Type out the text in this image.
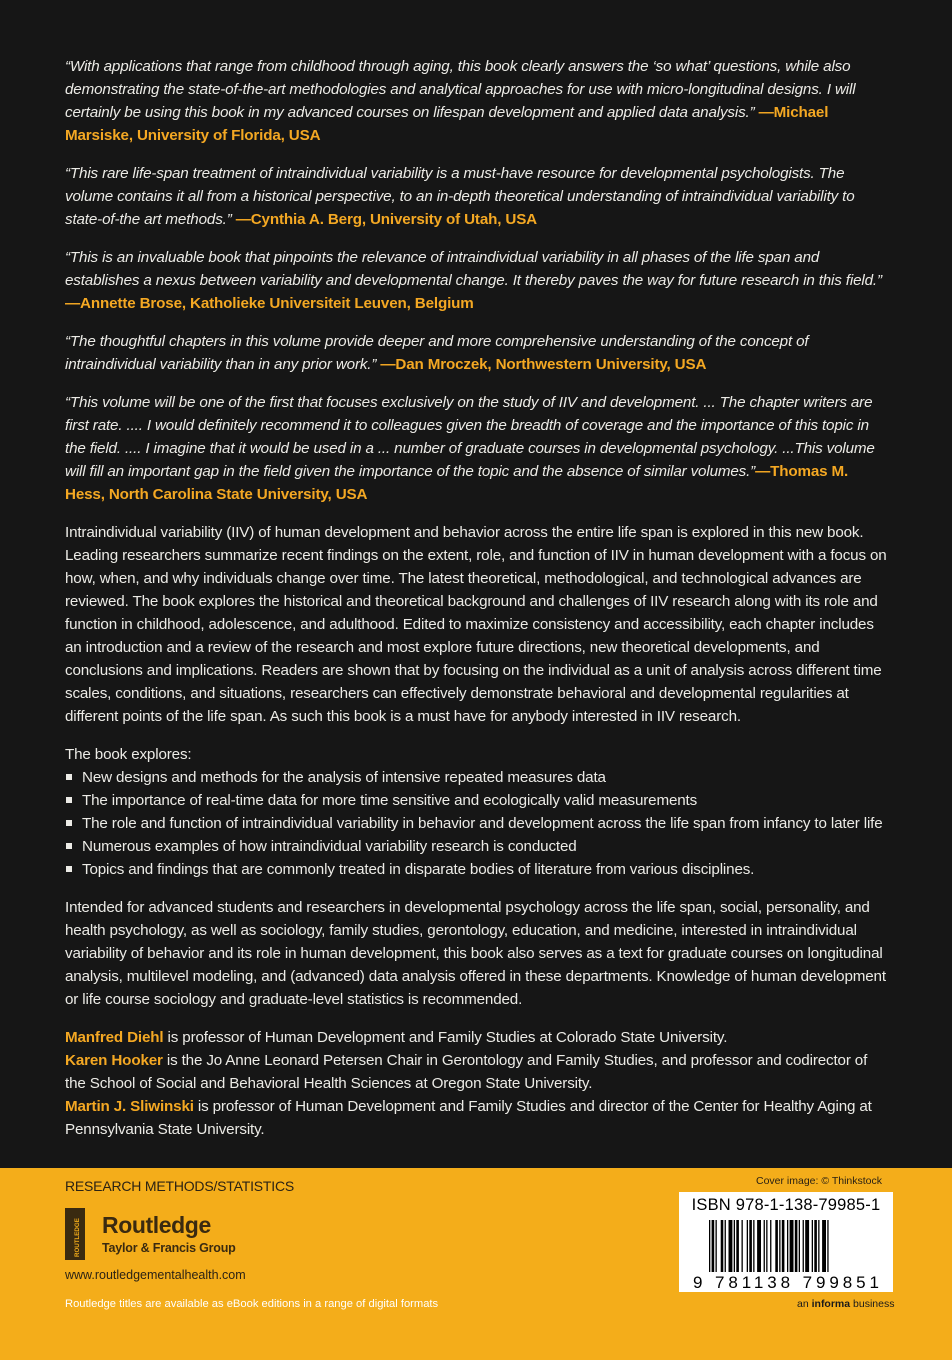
“With applications that range from childhood through aging, this book clearly answers the ‘so what’ questions, while also demonstrating the state-of-the-art methodologies and analytical approaches for use with micro-longitudinal designs. I will certainly be using this book in my advanced courses on lifespan development and applied data analysis.” —Michael Marsiske, University of Florida, USA

“This rare life-span treatment of intraindividual variability is a must-have resource for developmental psychologists. The volume contains it all from a historical perspective, to an in-depth theoretical understanding of intraindividual variability to state-of-the art methods.” —Cynthia A. Berg, University of Utah, USA

“This is an invaluable book that pinpoints the relevance of intraindividual variability in all phases of the life span and establishes a nexus between variability and developmental change. It thereby paves the way for future research in this field.” —Annette Brose, Katholieke Universiteit Leuven, Belgium

“The thoughtful chapters in this volume provide deeper and more comprehensive understanding of the concept of intraindividual variability than in any prior work.” —Dan Mroczek, Northwestern University, USA

“This volume will be one of the first that focuses exclusively on the study of IIV and development. ... The chapter writers are first rate. .... I would definitely recommend it to colleagues given the breadth of coverage and the importance of this topic in the field. .... I imagine that it would be used in a ... number of graduate courses in developmental psychology. ...This volume will fill an important gap in the field given the importance of the topic and the absence of similar volumes.”—Thomas M. Hess, North Carolina State University, USA

Intraindividual variability (IIV) of human development and behavior across the entire life span is explored in this new book. Leading researchers summarize recent findings on the extent, role, and function of IIV in human development with a focus on how, when, and why individuals change over time. The latest theoretical, methodological, and technological advances are reviewed. The book explores the historical and theoretical background and challenges of IIV research along with its role and function in childhood, adolescence, and adulthood. Edited to maximize consistency and accessibility, each chapter includes an introduction and a review of the research and most explore future directions, new theoretical developments, and conclusions and implications. Readers are shown that by focusing on the individual as a unit of analysis across different time scales, conditions, and situations, researchers can effectively demonstrate behavioral and developmental regularities at different points of the life span. As such this book is a must have for anybody interested in IIV research.

The book explores:

New designs and methods for the analysis of intensive repeated measures data
The importance of real-time data for more time sensitive and ecologically valid measurements
The role and function of intraindividual variability in behavior and development across the life span from infancy to later life
Numerous examples of how intraindividual variability research is conducted
Topics and findings that are commonly treated in disparate bodies of literature from various disciplines.

Intended for advanced students and researchers in developmental psychology across the life span, social, personality, and health psychology, as well as sociology, family studies, gerontology, education, and medicine, interested in intraindividual variability of behavior and its role in human development, this book also serves as a text for graduate courses on longitudinal analysis, multilevel modeling, and (advanced) data analysis offered in these departments. Knowledge of human development or life course sociology and graduate-level statistics is recommended.

Manfred Diehl is professor of Human Development and Family Studies at Colorado State University.

Karen Hooker is the Jo Anne Leonard Petersen Chair in Gerontology and Family Studies, and professor and codirector of the School of Social and Behavioral Health Sciences at Oregon State University.

Martin J. Sliwinski is professor of Human Development and Family Studies and director of the Center for Healthy Aging at Pennsylvania State University.

RESEARCH METHODS/STATISTICS
ROUTLEDGE Routledge
Taylor & Francis Group
www.routledgementalhealth.com
Routledge titles are available as eBook editions in a range of digital formats
Cover image: © Thinkstock
ISBN 978-1-138-79985-1
9 781138 799851
an informa business
